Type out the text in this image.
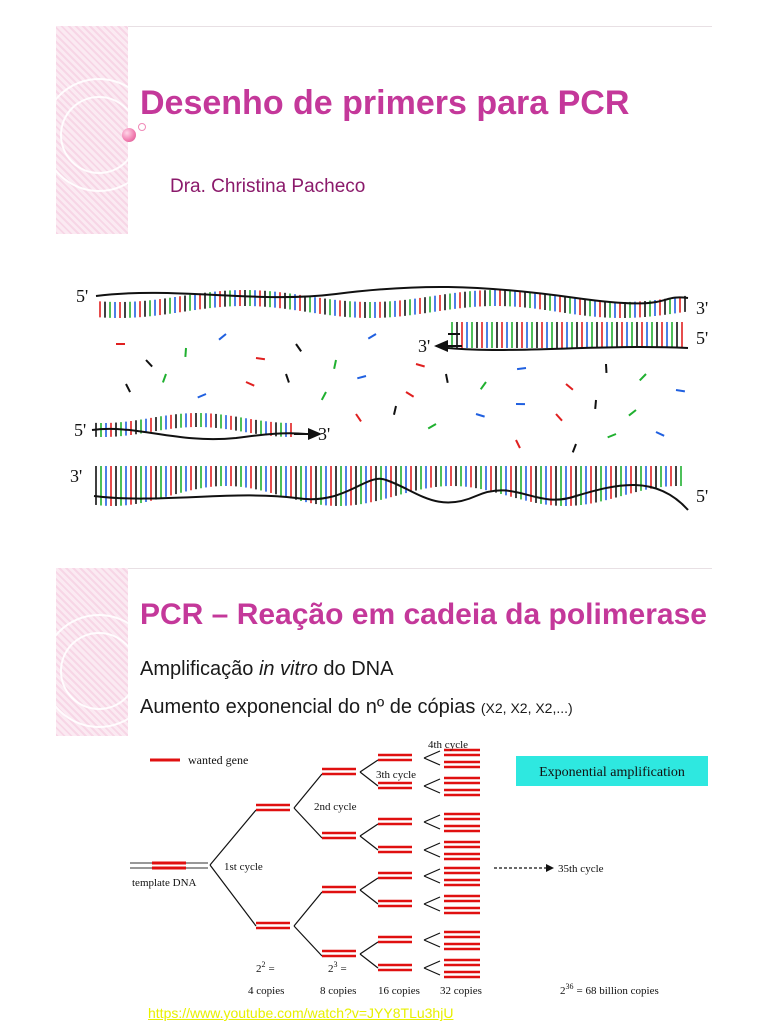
Desenho de primers para PCR
Dra. Christina Pacheco
5'
3'
5'
3'
5'	3'
3'
5'
PCR – Reação em cadeia da polimerase
Amplificação in vitro do DNA
Aumento exponencial do nº de cópias (X2, X2, X2,...)
wanted gene
template DNA
1st cycle
2nd cycle
3th cycle
4th cycle
35th cycle
Exponential amplification
$2^2$ =
4 copies
$2^3$ =
8 copies 16 copies 32 copies	$2^{36} = 68$ billion copies
https://www.youtube.com/watch?v=JYY8TLu3hjU
